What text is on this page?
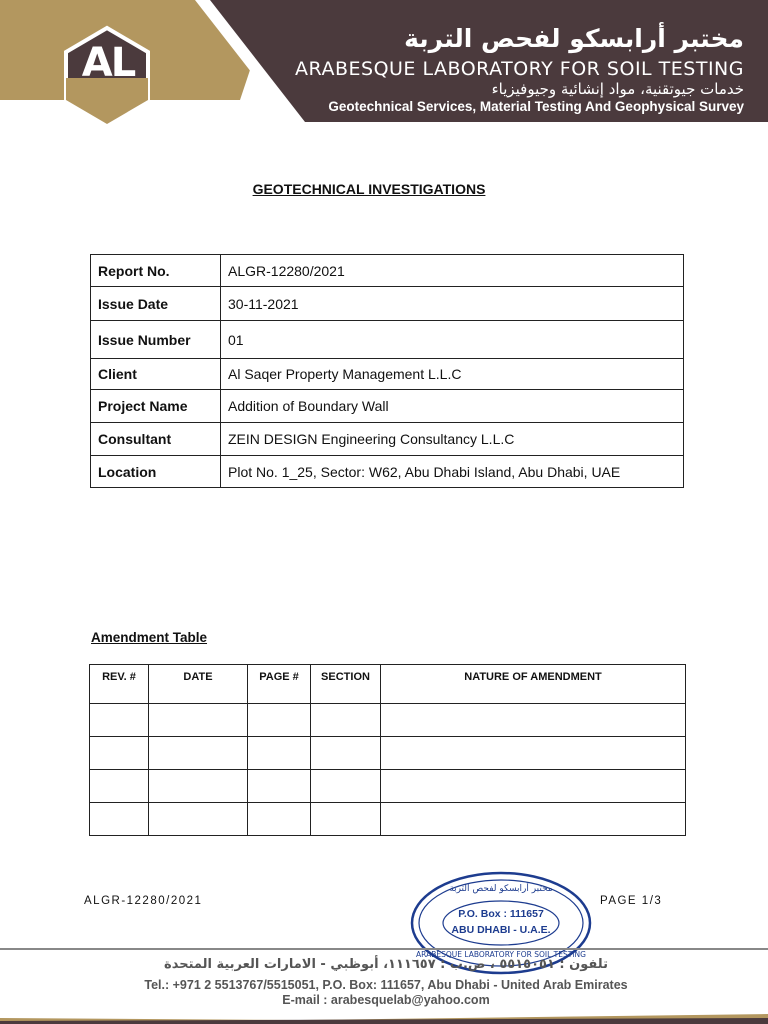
AL
مختبر أرابسكو لفحص التربة
ARABESQUE LABORATORY FOR SOIL TESTING
خدمات جيوتقنية، مواد إنشائية وجيوفيزياء
Geotechnical Services, Material Testing And Geophysical Survey
GEOTECHNICAL INVESTIGATIONS
Report No.	ALGR-12280/2021
Issue Date	30-11-2021
Issue Number	01
Client	Al Saqer Property Management L.L.C
Project Name	Addition of Boundary Wall
Consultant	ZEIN DESIGN Engineering Consultancy L.L.C
Location	Plot No. 1_25, Sector: W62, Abu Dhabi Island, Abu Dhabi, UAE
Amendment Table
REV. #	DATE	PAGE #	SECTION	NATURE OF AMENDMENT

ALGR-12280/2021	PAGE 1/3
مختبر أرابسكو لفحص التربة
P.O. Box : 111657
ABU DHABI - U.A.E.
ARABESQUE LABORATORY FOR SOIL TESTING
تلفون : ٥٥١٥٠٥١ ، ص.ب : ١١١٦٥٧، أبوظبي - الامارات العربية المتحدة
Tel.: +971 2 5513767/5515051, P.O. Box: 111657, Abu Dhabi - United Arab Emirates
E-mail : arabesquelab@yahoo.com
